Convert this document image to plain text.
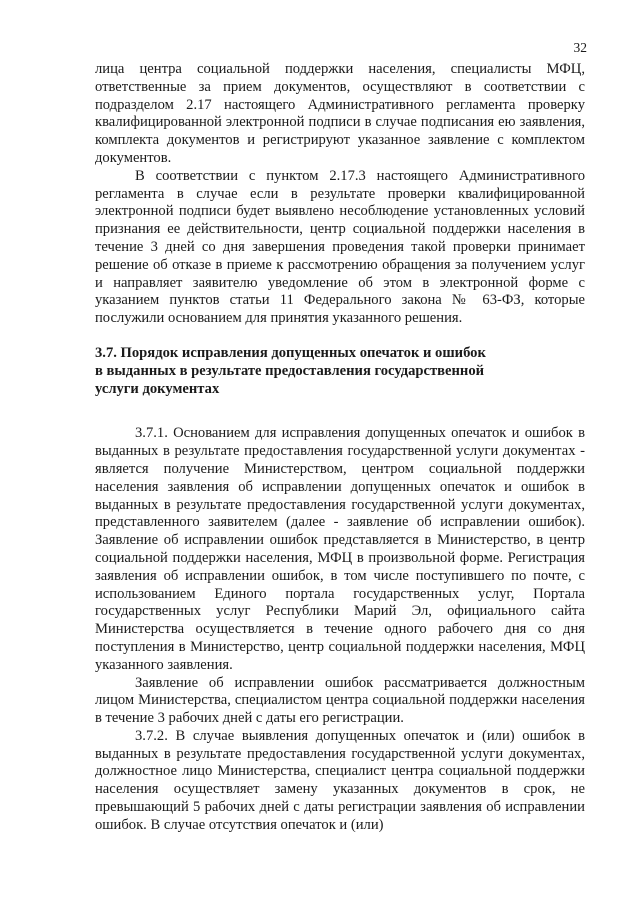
32

лица центра социальной поддержки населения, специалисты МФЦ, ответственные за прием документов, осуществляют в соответствии с подразделом 2.17 настоящего Административного регламента проверку квалифицированной электронной подписи в случае подписания ею заявления, комплекта документов и регистрируют указанное заявление с комплектом документов.

В соответствии с пунктом 2.17.3 настоящего Административного регламента в случае если в результате проверки квалифицированной электронной подписи будет выявлено несоблюдение установленных условий признания ее действительности, центр социальной поддержки населения в течение 3 дней со дня завершения проведения такой проверки принимает решение об отказе в приеме к рассмотрению обращения за получением услуг и направляет заявителю уведомление об этом в электронной форме с указанием пунктов статьи 11 Федерального закона № 63-ФЗ, которые послужили основанием для принятия указанного решения.

3.7. Порядок исправления допущенных опечаток и ошибок

в выданных в результате предоставления государственной

услуги документах

3.7.1. Основанием для исправления допущенных опечаток и ошибок в выданных в результате предоставления государственной услуги документах - является получение Министерством, центром социальной поддержки населения заявления об исправлении допущенных опечаток и ошибок в выданных в результате предоставления государственной услуги документах, представленного заявителем (далее - заявление об исправлении ошибок). Заявление об исправлении ошибок представляется в Министерство, в центр социальной поддержки населения, МФЦ в произвольной форме. Регистрация заявления об исправлении ошибок, в том числе поступившего по почте, с использованием Единого портала государственных услуг, Портала государственных услуг Республики Марий Эл, официального сайта Министерства осуществляется в течение одного рабочего дня со дня поступления в Министерство, центр социальной поддержки населения, МФЦ указанного заявления.

Заявление об исправлении ошибок рассматривается должностным лицом Министерства, специалистом центра социальной поддержки населения в течение 3 рабочих дней с даты его регистрации.

3.7.2. В случае выявления допущенных опечаток и (или) ошибок в выданных в результате предоставления государственной услуги документах, должностное лицо Министерства, специалист центра социальной поддержки населения осуществляет замену указанных документов в срок, не превышающий 5 рабочих дней с даты регистрации заявления об исправлении ошибок. В случае отсутствия опечаток и (или)
